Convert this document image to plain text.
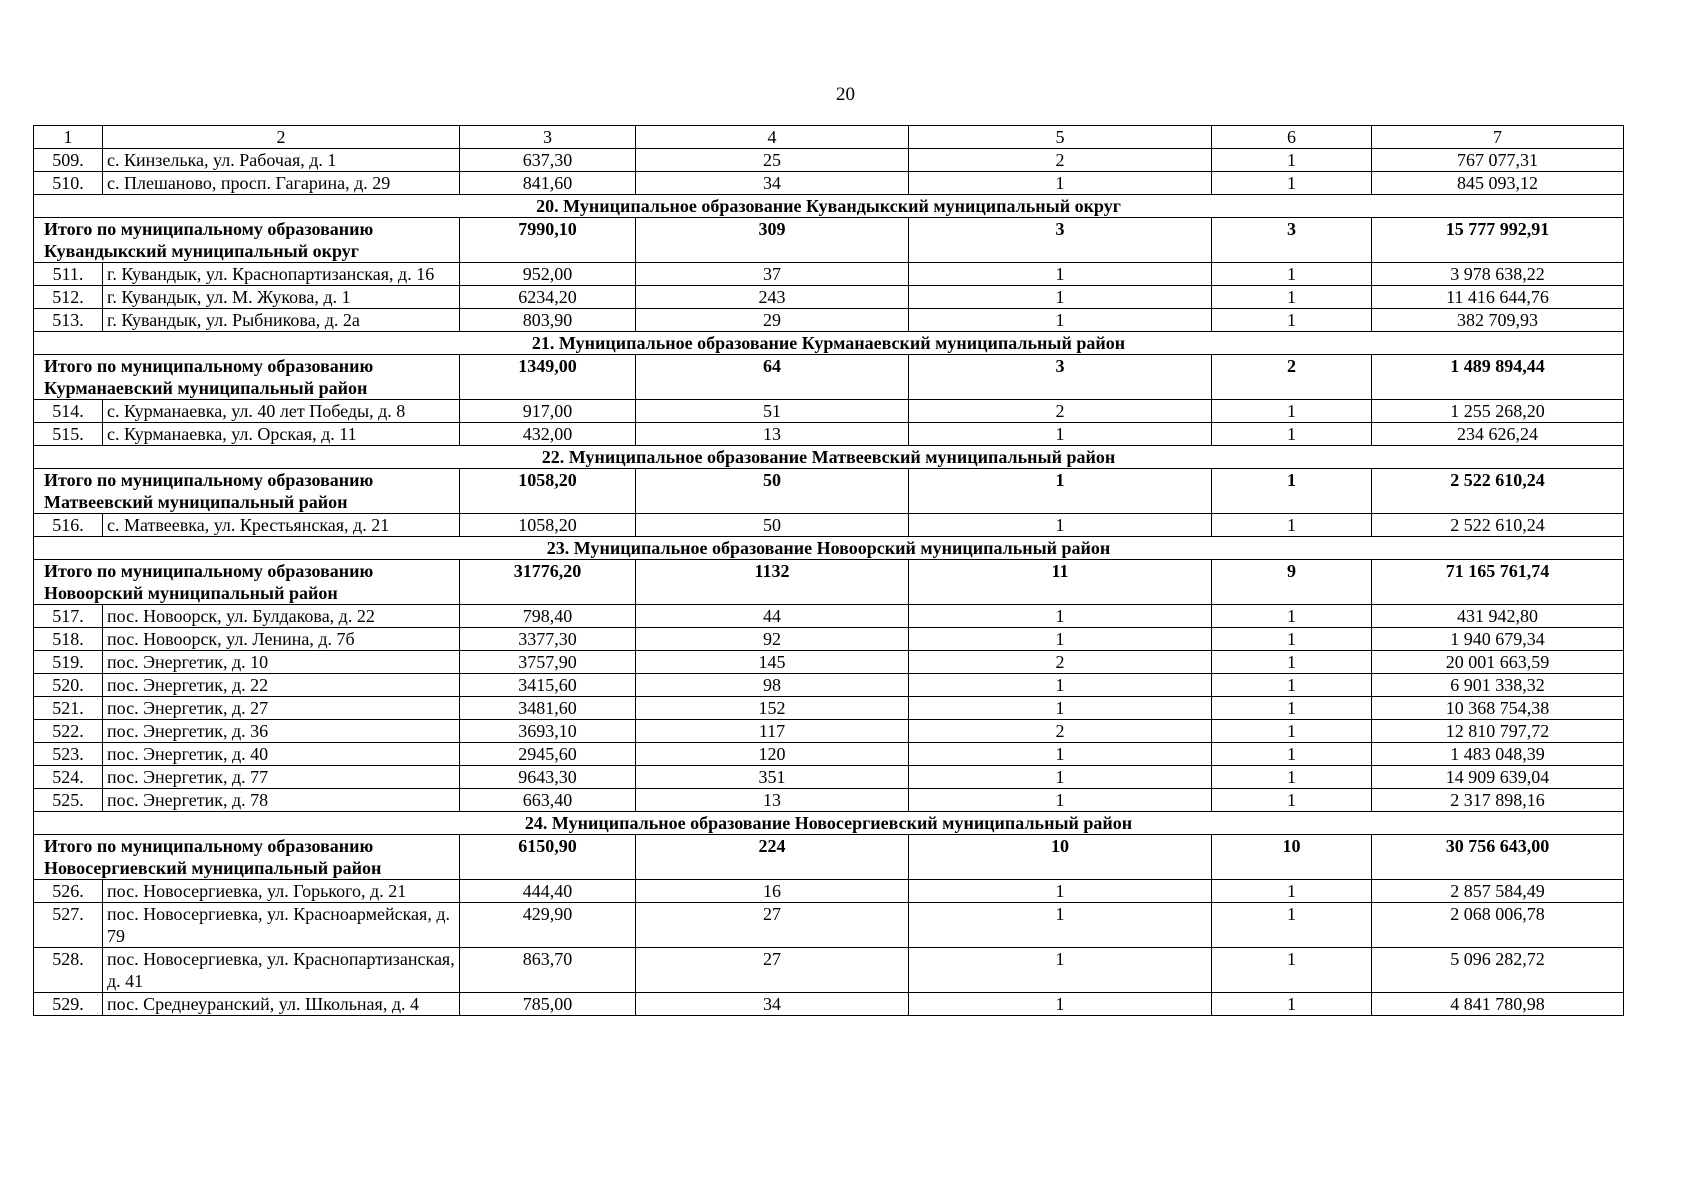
20
1	2	3	4	5	6	7
509.	с. Кинзелька, ул. Рабочая, д. 1	637,30	25	2	1	767 077,31
510.	с. Плешаново, просп. Гагарина, д. 29	841,60	34	1	1	845 093,12
20. Муниципальное образование Кувандыкский муниципальный округ						
Итого по муниципальному образованию Кувандыкский муниципальный округ		7990,10	309	3	3	15 777 992,91
511.	г. Кувандык, ул. Краснопартизанская, д. 16	952,00	37	1	1	3 978 638,22
512.	г. Кувандык, ул. М. Жукова, д. 1	6234,20	243	1	1	11 416 644,76
513.	г. Кувандык, ул. Рыбникова, д. 2а	803,90	29	1	1	382 709,93
21. Муниципальное образование Курманаевский муниципальный район						
Итого по муниципальному образованию Курманаевский муниципальный район		1349,00	64	3	2	1 489 894,44
514.	с. Курманаевка, ул. 40 лет Победы, д. 8	917,00	51	2	1	1 255 268,20
515.	с. Курманаевка, ул. Орская, д. 11	432,00	13	1	1	234 626,24
22. Муниципальное образование Матвеевский муниципальный район						
Итого по муниципальному образованию Матвеевский муниципальный район		1058,20	50	1	1	2 522 610,24
516.	с. Матвеевка, ул. Крестьянская, д. 21	1058,20	50	1	1	2 522 610,24
23. Муниципальное образование Новоорский муниципальный район						
Итого по муниципальному образованию Новоорский муниципальный район		31776,20	1132	11	9	71 165 761,74
517.	пос. Новоорск, ул. Булдакова, д. 22	798,40	44	1	1	431 942,80
518.	пос. Новоорск, ул. Ленина, д. 7б	3377,30	92	1	1	1 940 679,34
519.	пос. Энергетик, д. 10	3757,90	145	2	1	20 001 663,59
520.	пос. Энергетик, д. 22	3415,60	98	1	1	6 901 338,32
521.	пос. Энергетик, д. 27	3481,60	152	1	1	10 368 754,38
522.	пос. Энергетик, д. 36	3693,10	117	2	1	12 810 797,72
523.	пос. Энергетик, д. 40	2945,60	120	1	1	1 483 048,39
524.	пос. Энергетик, д. 77	9643,30	351	1	1	14 909 639,04
525.	пос. Энергетик, д. 78	663,40	13	1	1	2 317 898,16
24. Муниципальное образование Новосергиевский муниципальный район						
Итого по муниципальному образованию Новосергиевский муниципальный район		6150,90	224	10	10	30 756 643,00
526.	пос. Новосергиевка, ул. Горького, д. 21	444,40	16	1	1	2 857 584,49
527.	пос. Новосергиевка, ул. Красноармейская, д. 79	429,90	27	1	1	2 068 006,78
528.	пос. Новосергиевка, ул. Краснопартизанская, д. 41	863,70	27	1	1	5 096 282,72
529.	пос. Среднеуранский, ул. Школьная, д. 4	785,00	34	1	1	4 841 780,98
